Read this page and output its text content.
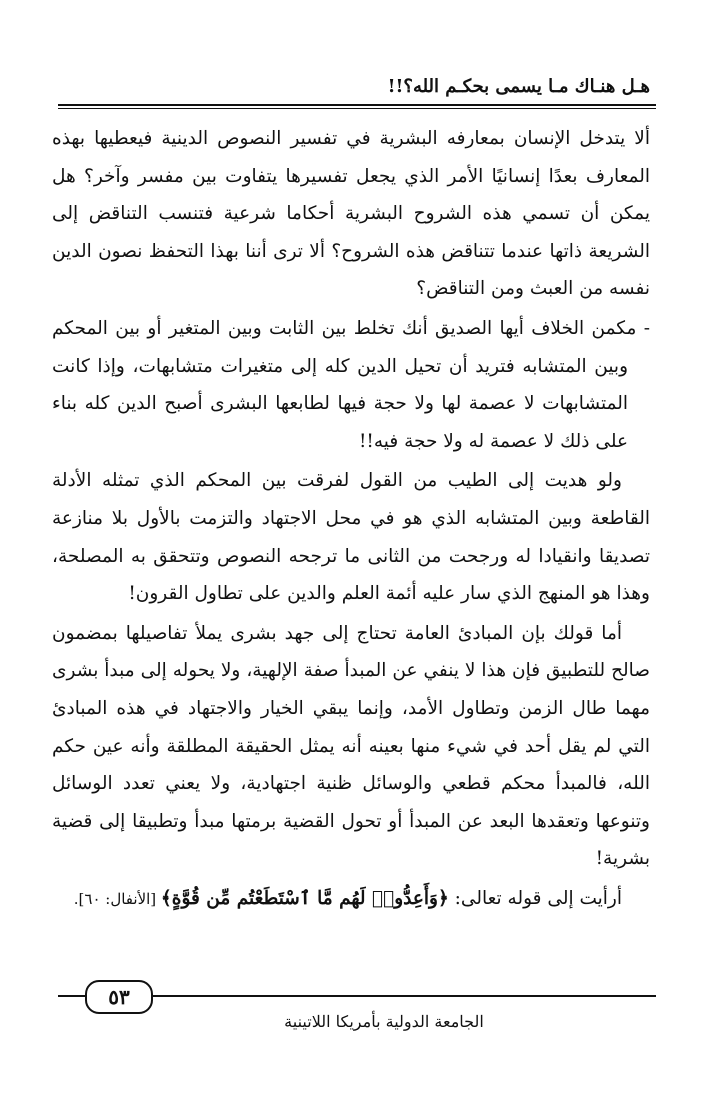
هـل هنـاك مـا يسمى بحكـم الله؟!!

ألا يتدخل الإنسان بمعارفه البشرية في تفسير النصوص الدينية فيعطيها بهذه المعارف بعدًا إنسانيًا الأمر الذي يجعل تفسيرها يتفاوت بين مفسر وآخر؟ هل يمكن أن تسمي هذه الشروح البشرية أحكاما شرعية فتنسب التناقض إلى الشريعة ذاتها عندما تتناقض هذه الشروح؟ ألا ترى أننا بهذا التحفظ نصون الدين نفسه من العبث ومن التناقض؟

- مكمن الخلاف أيها الصديق أنك تخلط بين الثابت وبين المتغير أو بين المحكم وبين المتشابه فتريد أن تحيل الدين كله إلى متغيرات متشابهات، وإذا كانت المتشابهات لا عصمة لها ولا حجة فيها لطابعها البشرى أصبح الدين كله بناء على ذلك لا عصمة له ولا حجة فيه!!

ولو هديت إلى الطيب من القول لفرقت بين المحكم الذي تمثله الأدلة القاطعة وبين المتشابه الذي هو في محل الاجتهاد والتزمت بالأول بلا منازعة تصديقا وانقيادا له ورجحت من الثانى ما ترجحه النصوص وتتحقق به المصلحة، وهذا هو المنهج الذي سار عليه أئمة العلم والدين على تطاول القرون!

أما قولك بإن المبادئ العامة تحتاج إلى جهد بشرى يملأ تفاصيلها بمضمون صالح للتطبيق فإن هذا لا ينفي عن المبدأ صفة الإلهية، ولا يحوله إلى مبدأ بشرى مهما طال الزمن وتطاول الأمد، وإنما يبقي الخيار والاجتهاد في هذه المبادئ التي لم يقل أحد في شيء منها بعينه أنه يمثل الحقيقة المطلقة وأنه عين حكم الله، فالمبدأ محكم قطعي والوسائل ظنية اجتهادية، ولا يعني تعدد الوسائل وتنوعها وتعقدها البعد عن المبدأ أو تحول القضية برمتها مبدأ وتطبيقا إلى قضية بشرية!

أرأيت إلى قوله تعالى: ﴿وَأَعِدُّوا۟ لَهُم مَّا ٱسْتَطَعْتُم مِّن قُوَّةٍ﴾ [الأنفال: ٦٠].

٥٣
الجامعة الدولية بأمريكا اللاتينية
